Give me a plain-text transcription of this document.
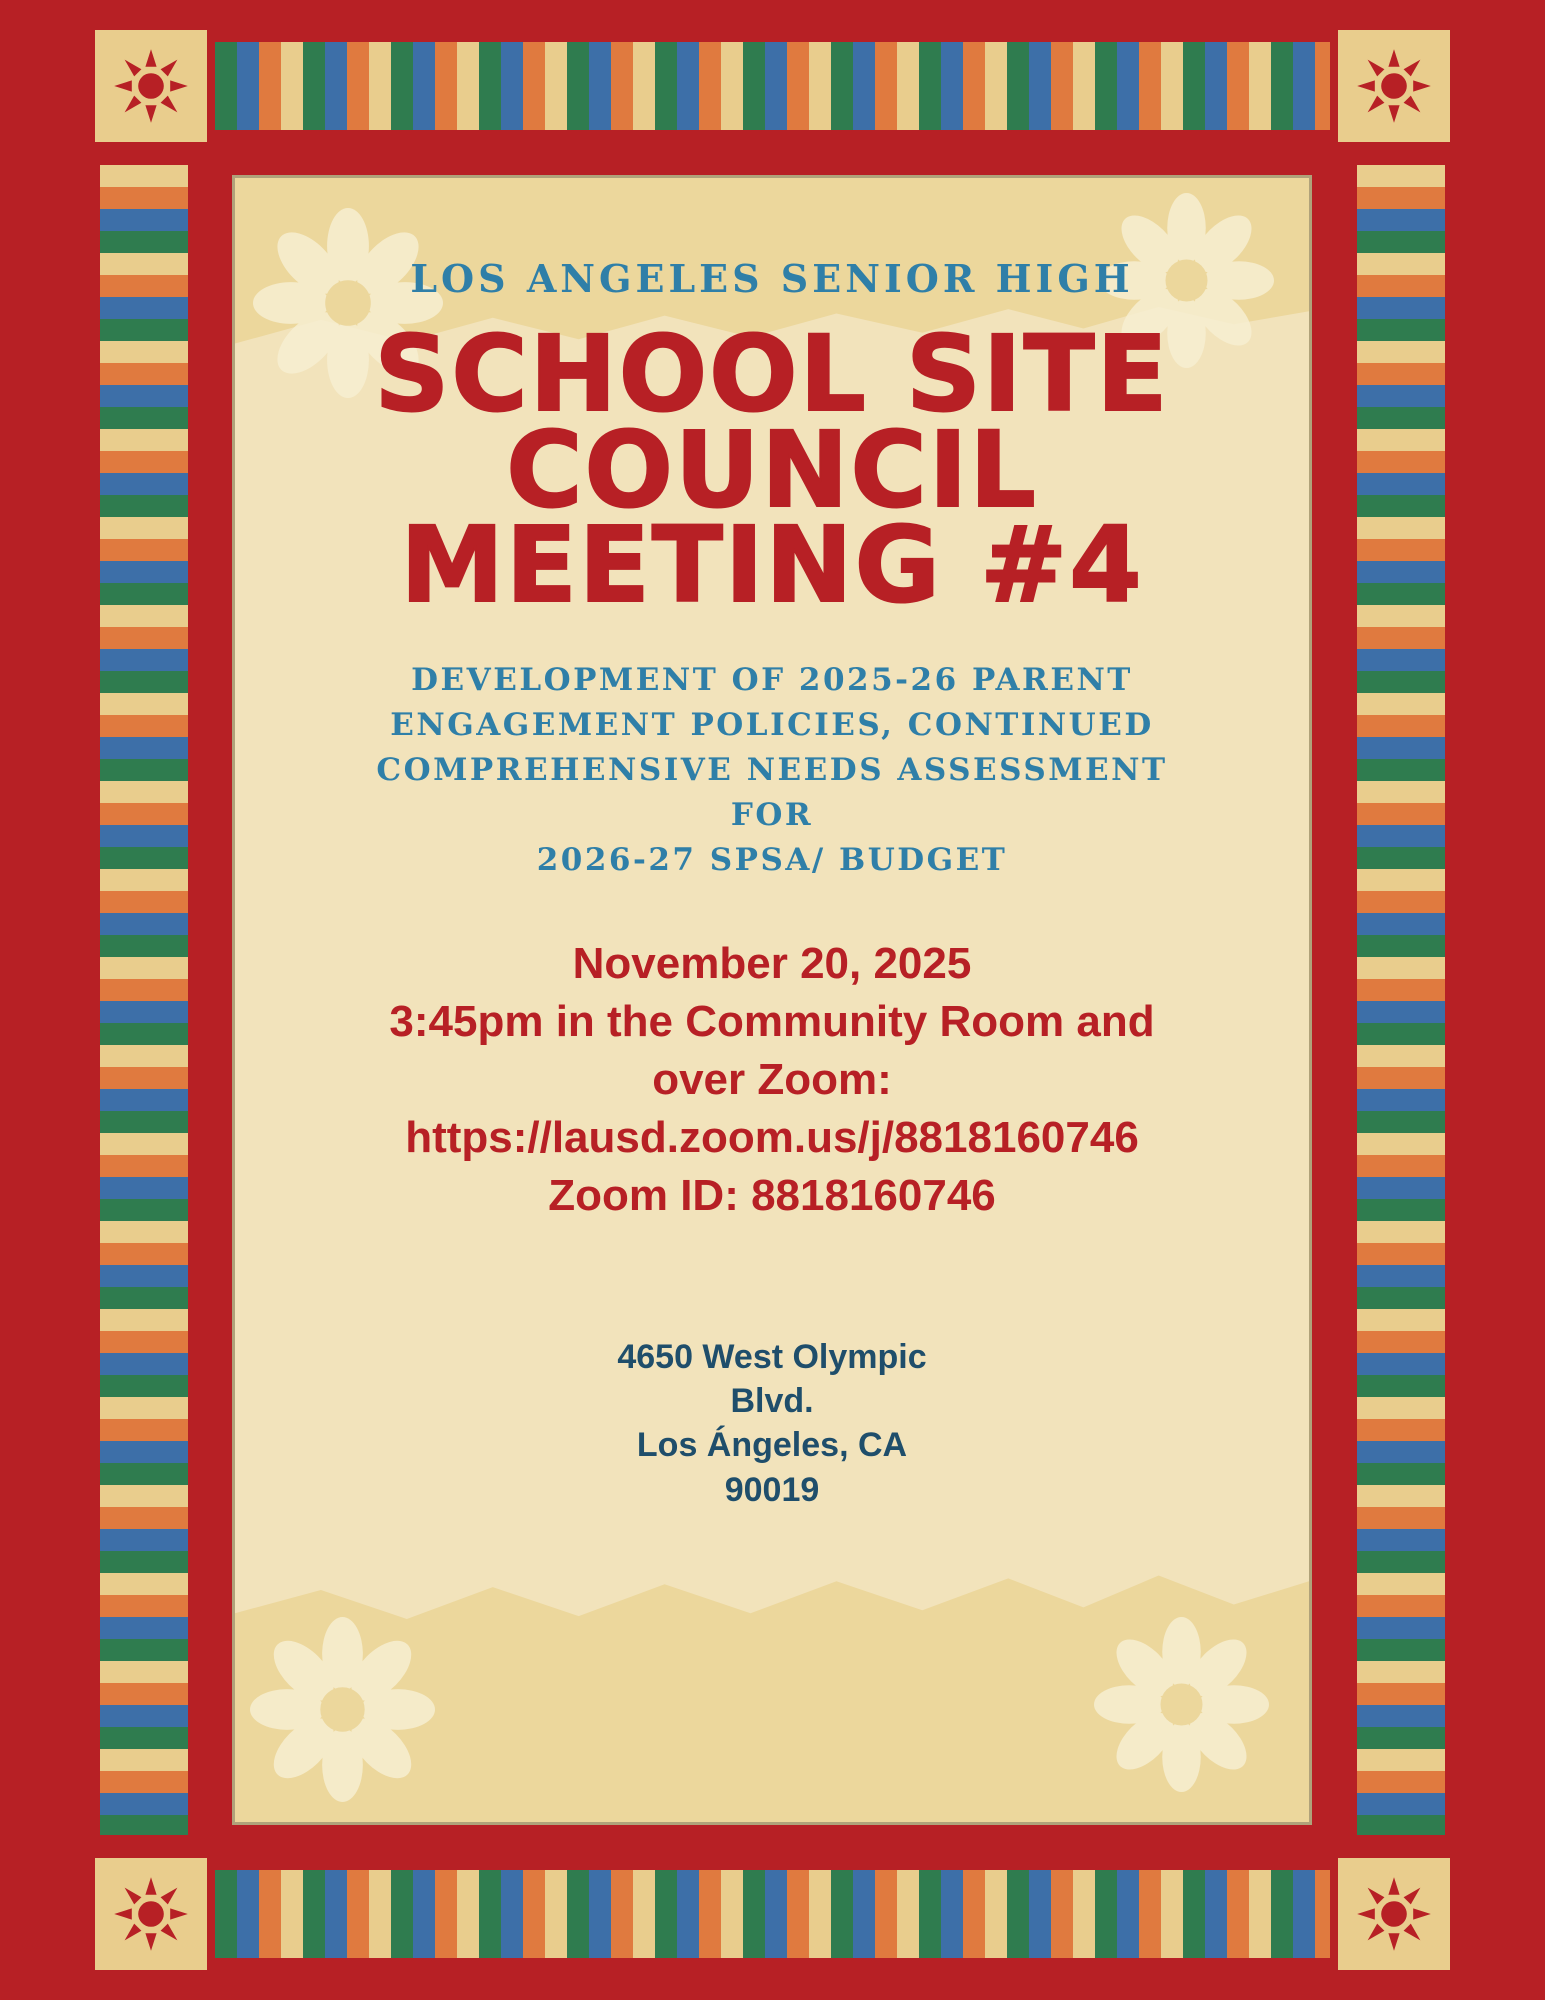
LOS ANGELES SENIOR HIGH
SCHOOL SITE
COUNCIL
MEETING #4
DEVELOPMENT OF 2025-26 PARENT
ENGAGEMENT POLICIES, CONTINUED
COMPREHENSIVE NEEDS ASSESSMENT FOR
2026-27 SPSA/ BUDGET
November 20, 2025
3:45pm in the Community Room and
over Zoom:
https://lausd.zoom.us/j/8818160746
Zoom ID: 8818160746
4650 West Olympic
Blvd.
Los Ángeles, CA
90019
